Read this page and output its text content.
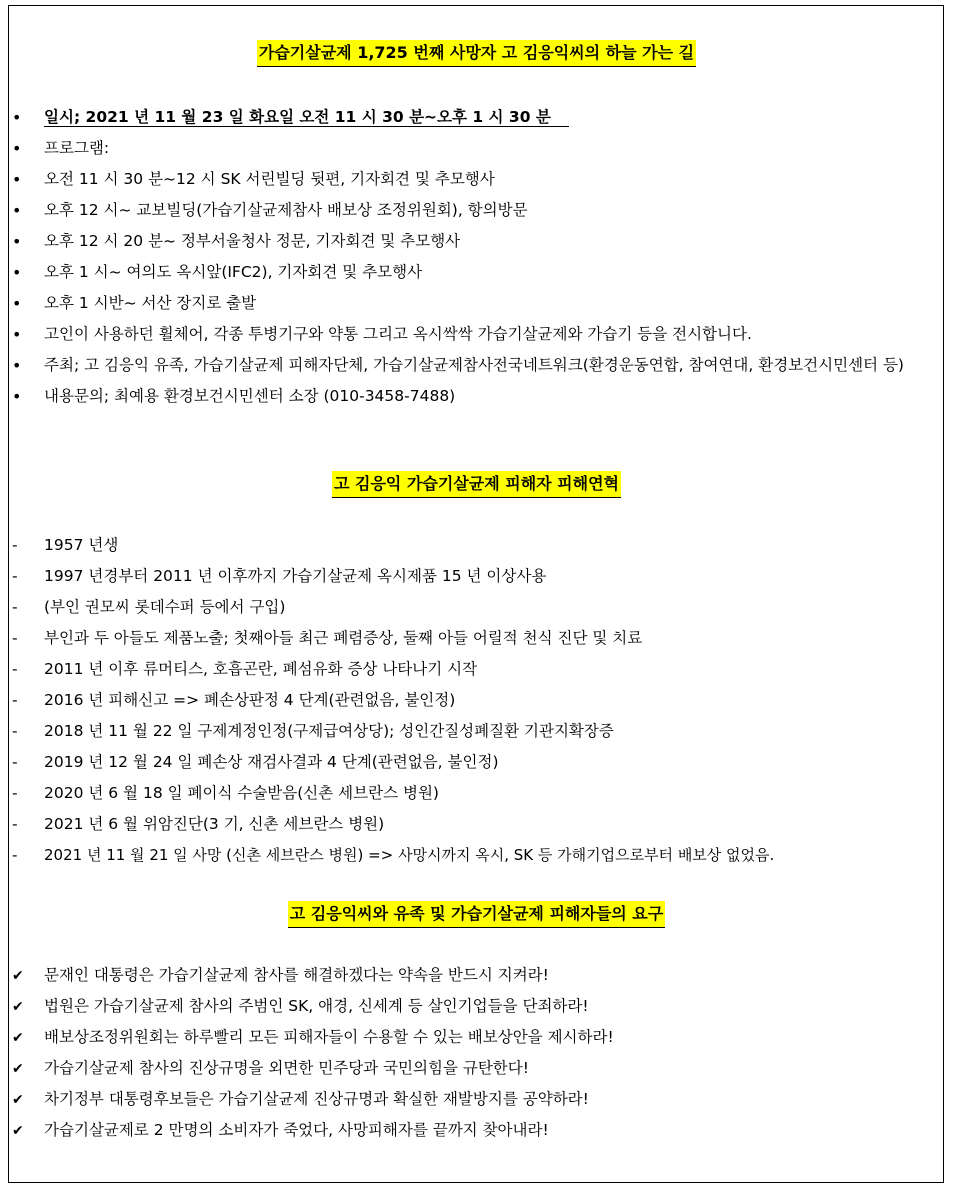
가습기살균제 1,725 번째 사망자 고 김응익씨의 하늘 가는 길
•
일시; 2021 년 11 월 23 일 화요일 오전 11 시 30 분~오후 1 시 30 분
•
프로그램:
•
오전 11 시 30 분~12 시 SK 서린빌딩 뒷편, 기자회견 및 추모행사
•
오후 12 시~ 교보빌딩(가습기살균제참사 배보상 조정위원회), 항의방문
•
오후 12 시 20 분~ 정부서울청사 정문, 기자회견 및 추모행사
•
오후 1 시~ 여의도 옥시앞(IFC2), 기자회견 및 추모행사
•
오후 1 시반~ 서산 장지로 출발
•
고인이 사용하던 휠체어, 각종 투병기구와 약통 그리고 옥시싹싹 가습기살균제와 가습기 등을 전시합니다.
•
주최; 고 김응익 유족, 가습기살균제 피해자단체, 가습기살균제참사전국네트워크(환경운동연합, 참여연대, 환경보건시민센터 등)
•
내용문의; 최예용 환경보건시민센터 소장 (010-3458-7488)
고 김응익 가습기살균제 피해자 피해연혁
-
1957 년생
-
1997 년경부터 2011 년 이후까지 가습기살균제 옥시제품 15 년 이상사용
-
(부인 권모씨 롯데수퍼 등에서 구입)
-
부인과 두 아들도 제품노출; 첫째아들 최근 폐렴증상, 둘째 아들 어릴적 천식 진단 및 치료
-
2011 년 이후 류머티스, 호흡곤란, 폐섬유화 증상 나타나기 시작
-
2016 년 피해신고 => 폐손상판정 4 단계(관련없음, 불인정)
-
2018 년 11 월 22 일 구제계정인정(구제급여상당); 성인간질성폐질환 기관지확장증
-
2019 년 12 월 24 일 폐손상 재검사결과 4 단계(관련없음, 불인정)
-
2020 년 6 월 18 일 폐이식 수술받음(신촌 세브란스 병원)
-
2021 년 6 월 위암진단(3 기, 신촌 세브란스 병원)
-
2021 년 11 월 21 일 사망 (신촌 세브란스 병원) => 사망시까지 옥시, SK 등 가해기업으로부터 배보상 없었음.
고 김응익씨와 유족 및 가습기살균제 피해자들의 요구
✔
문재인 대통령은 가습기살균제 참사를 해결하겠다는 약속을 반드시 지켜라!
✔
법원은 가습기살균제 참사의 주범인 SK, 애경, 신세계 등 살인기업들을 단죄하라!
✔
배보상조정위원회는 하루빨리 모든 피해자들이 수용할 수 있는 배보상안을 제시하라!
✔
가습기살균제 참사의 진상규명을 외면한 민주당과 국민의힘을 규탄한다!
✔
차기정부 대통령후보들은 가습기살균제 진상규명과 확실한 재발방지를 공약하라!
✔
가습기살균제로 2 만명의 소비자가 죽었다, 사망피해자를 끝까지 찾아내라!
